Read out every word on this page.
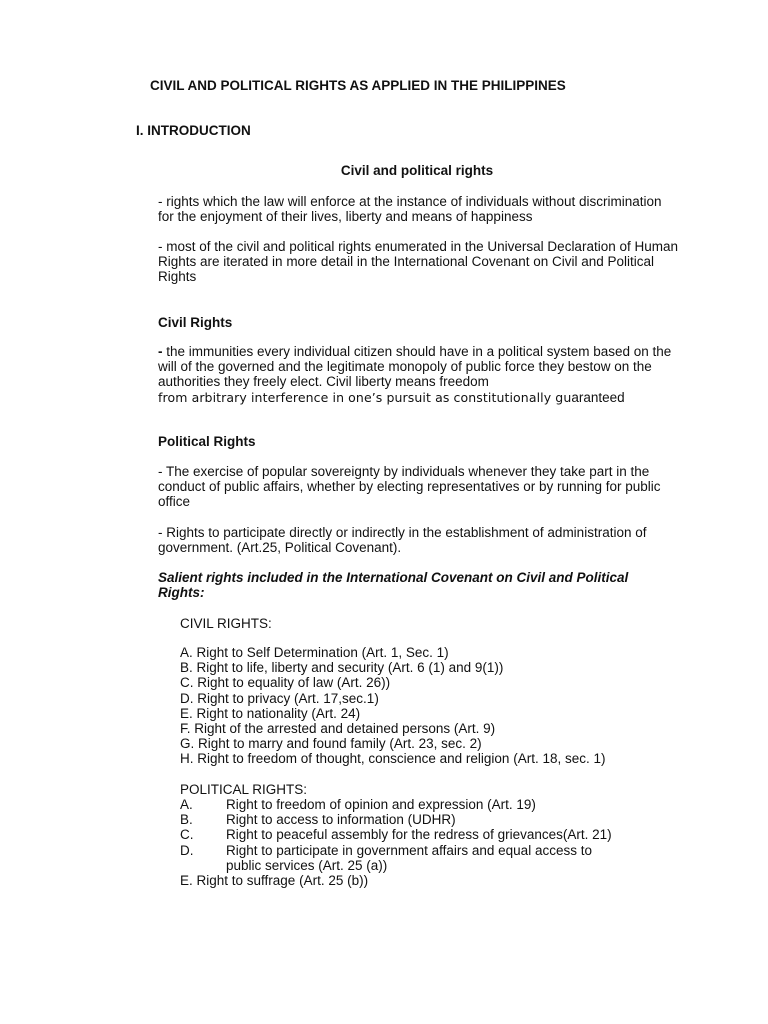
CIVIL AND POLITICAL RIGHTS AS APPLIED IN THE PHILIPPINES
I. INTRODUCTION
Civil and political rights

- rights which the law will enforce at the instance of individuals without discrimination for the enjoyment of their lives, liberty and means of happiness

- most of the civil and political rights enumerated in the Universal Declaration of Human Rights are iterated in more detail in the International Covenant on Civil and Political Rights

Civil Rights

- the immunities every individual citizen should have in a political system based on the will of the governed and the legitimate monopoly of public force they bestow on the authorities they freely elect. Civil liberty means freedom
from arbitrary interference in one’s pursuit as constitutionally guaranteed

Political Rights

- The exercise of popular sovereignty by individuals whenever they take part in the conduct of public affairs, whether by electing representatives or by running for public office

- Rights to participate directly or indirectly in the establishment of administration of government. (Art.25, Political Covenant).

Salient rights included in the International Covenant on Civil and Political Rights:

CIVIL RIGHTS:
A. Right to Self Determination (Art. 1, Sec. 1)
B. Right to life, liberty and security (Art. 6 (1) and 9(1))
C. Right to equality of law (Art. 26))
D. Right to privacy (Art. 17,sec.1)
E. Right to nationality (Art. 24)
F. Right of the arrested and detained persons (Art. 9)
G. Right to marry and found family (Art. 23, sec. 2)
H. Right to freedom of thought, conscience and religion (Art. 18, sec. 1)
POLITICAL RIGHTS:
A.	Right to freedom of opinion and expression (Art. 19)
B.	Right to access to information (UDHR)
C.	Right to peaceful assembly for the redress of grievances(Art. 21)
D.	Right to participate in government affairs and equal access to
public services (Art. 25 (a))
E. Right to suffrage (Art. 25 (b))
